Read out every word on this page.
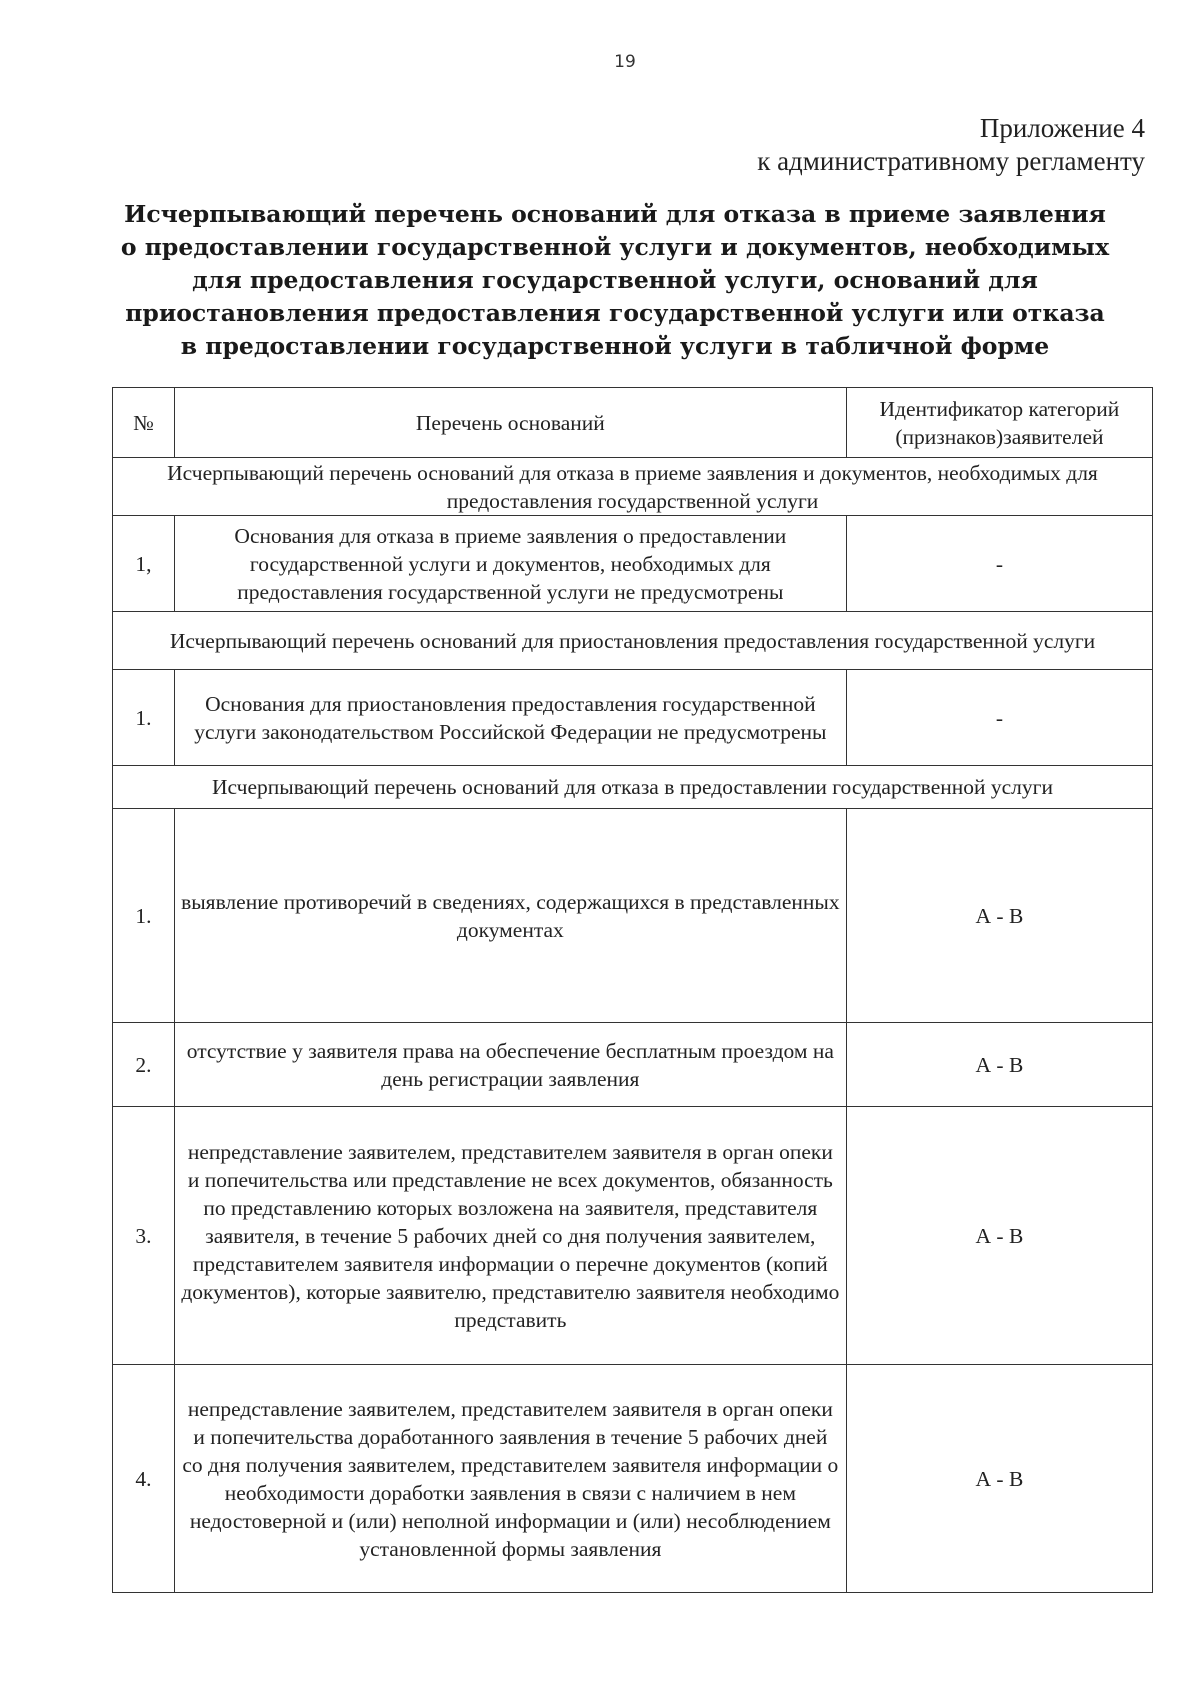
19
Приложение 4
к административному регламенту
Исчерпывающий перечень оснований для отказа в приеме заявления о предоставлении государственной услуги и документов, необходимых для предоставления государственной услуги, оснований для приостановления предоставления государственной услуги или отказа в предоставлении государственной услуги в табличной форме
№	Перечень оснований	Идентификатор категорий (признаков)заявителей
Исчерпывающий перечень оснований для отказа в приеме заявления и документов, необходимых для предоставления государственной услуги		
1,	Основания для отказа в приеме заявления о предоставлении государственной услуги и документов, необходимых для предоставления государственной услуги не предусмотрены	-
Исчерпывающий перечень оснований для приостановления предоставления государственной услуги		
1.	Основания для приостановления предоставления государственной услуги законодательством Российской Федерации не предусмотрены	-
Исчерпывающий перечень оснований для отказа в предоставлении государственной услуги		
1.	выявление противоречий в сведениях, содержащихся в представленных документах	А - В
2.	отсутствие у заявителя права на обеспечение бесплатным проездом на день регистрации заявления	А - В
3.	непредставление заявителем, представителем заявителя в орган опеки и попечительства или представление не всех документов, обязанность по представлению которых возложена на заявителя, представителя заявителя, в течение 5 рабочих дней со дня получения заявителем, представителем заявителя информации о перечне документов (копий документов), которые заявителю, представителю заявителя необходимо представить	А - В
4.	непредставление заявителем, представителем заявителя в орган опеки и попечительства доработанного заявления в течение 5 рабочих дней со дня получения заявителем, представителем заявителя информации о необходимости доработки заявления в связи с наличием в нем недостоверной и (или) неполной информации и (или) несоблюдением установленной формы заявления	А - В
